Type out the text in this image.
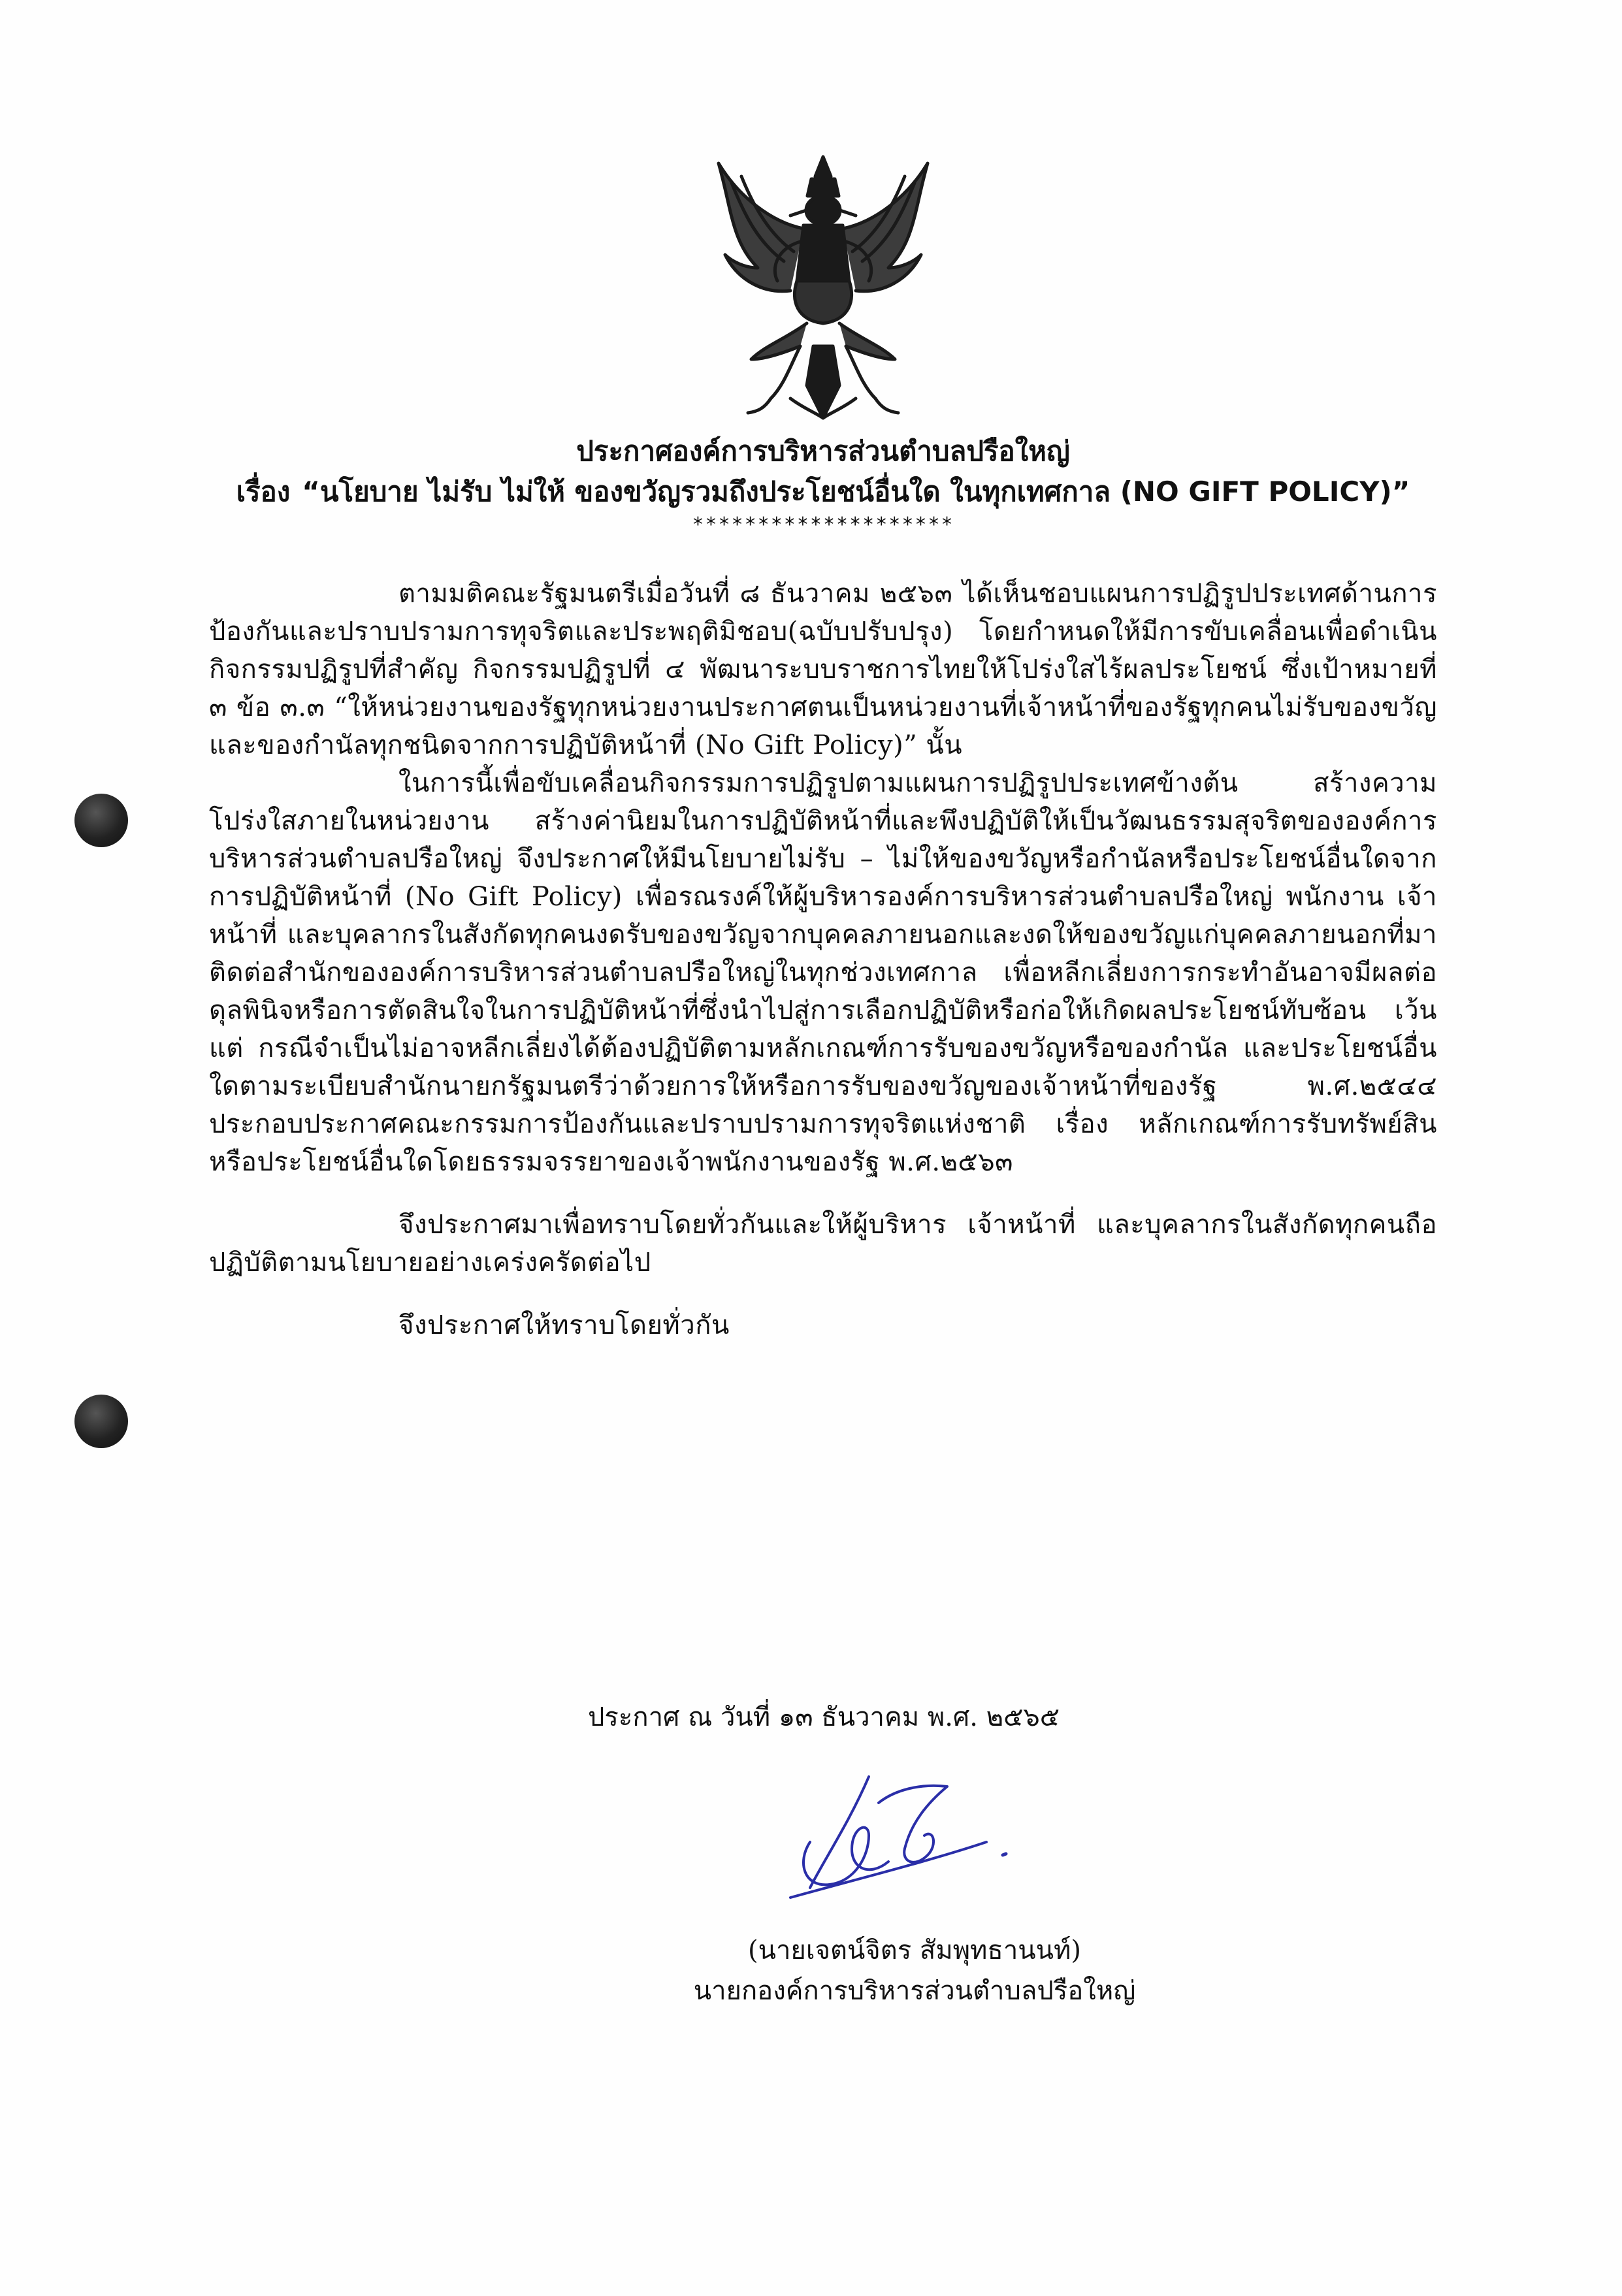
ประกาศองค์การบริหารส่วนตำบลปรือใหญ่
เรื่อง “นโยบาย ไม่รับ ไม่ให้ ของขวัญรวมถึงประโยชน์อื่นใด ในทุกเทศกาล (NO GIFT POLICY)”
********************

ตามมติคณะรัฐมนตรีเมื่อวันที่ ๘ ธันวาคม ๒๕๖๓ ได้เห็นชอบแผนการปฏิรูปประเทศด้านการป้องกันและปราบปรามการทุจริตและประพฤติมิชอบ(ฉบับปรับปรุง) โดยกำหนดให้มีการขับเคลื่อนเพื่อดำเนินกิจกรรมปฏิรูปที่สำคัญ กิจกรรมปฏิรูปที่ ๔ พัฒนาระบบราชการไทยให้โปร่งใสไร้ผลประโยชน์ ซึ่งเป้าหมายที่ ๓ ข้อ ๓.๓ “ให้หน่วยงานของรัฐทุกหน่วยงานประกาศตนเป็นหน่วยงานที่เจ้าหน้าที่ของรัฐทุกคนไม่รับของขวัญและของกำนัลทุกชนิดจากการปฏิบัติหน้าที่ (No Gift Policy)” นั้น

ในการนี้เพื่อขับเคลื่อนกิจกรรมการปฏิรูปตามแผนการปฏิรูปประเทศข้างต้น สร้างความโปร่งใสภายในหน่วยงาน สร้างค่านิยมในการปฏิบัติหน้าที่และพึงปฏิบัติให้เป็นวัฒนธรรมสุจริตขององค์การบริหารส่วนตำบลปรือใหญ่ จึงประกาศให้มีนโยบายไม่รับ – ไม่ให้ของขวัญหรือกำนัลหรือประโยชน์อื่นใดจากการปฏิบัติหน้าที่ (No Gift Policy) เพื่อรณรงค์ให้ผู้บริหารองค์การบริหารส่วนตำบลปรือใหญ่ พนักงาน เจ้าหน้าที่ และบุคลากรในสังกัดทุกคนงดรับของขวัญจากบุคคลภายนอกและงดให้ของขวัญแก่บุคคลภายนอกที่มาติดต่อสำนักขององค์การบริหารส่วนตำบลปรือใหญ่ในทุกช่วงเทศกาล เพื่อหลีกเลี่ยงการกระทำอันอาจมีผลต่อดุลพินิจหรือการตัดสินใจในการปฏิบัติหน้าที่ซึ่งนำไปสู่การเลือกปฏิบัติหรือก่อให้เกิดผลประโยชน์ทับซ้อน เว้นแต่ กรณีจำเป็นไม่อาจหลีกเลี่ยงได้ต้องปฏิบัติตามหลักเกณฑ์การรับของขวัญหรือของกำนัล และประโยชน์อื่นใดตามระเบียบสำนักนายกรัฐมนตรีว่าด้วยการให้หรือการรับของขวัญของเจ้าหน้าที่ของรัฐ พ.ศ.๒๕๔๔ ประกอบประกาศคณะกรรมการป้องกันและปราบปรามการทุจริตแห่งชาติ เรื่อง หลักเกณฑ์การรับทรัพย์สินหรือประโยชน์อื่นใดโดยธรรมจรรยาของเจ้าพนักงานของรัฐ พ.ศ.๒๕๖๓

จึงประกาศมาเพื่อทราบโดยทั่วกันและให้ผู้บริหาร เจ้าหน้าที่ และบุคลากรในสังกัดทุกคนถือปฏิบัติตามนโยบายอย่างเคร่งครัดต่อไป

จึงประกาศให้ทราบโดยทั่วกัน

ประกาศ ณ วันที่ ๑๓ ธันวาคม พ.ศ. ๒๕๖๕
(นายเจตน์จิตร สัมพุทธานนท์)
นายกองค์การบริหารส่วนตำบลปรือใหญ่
